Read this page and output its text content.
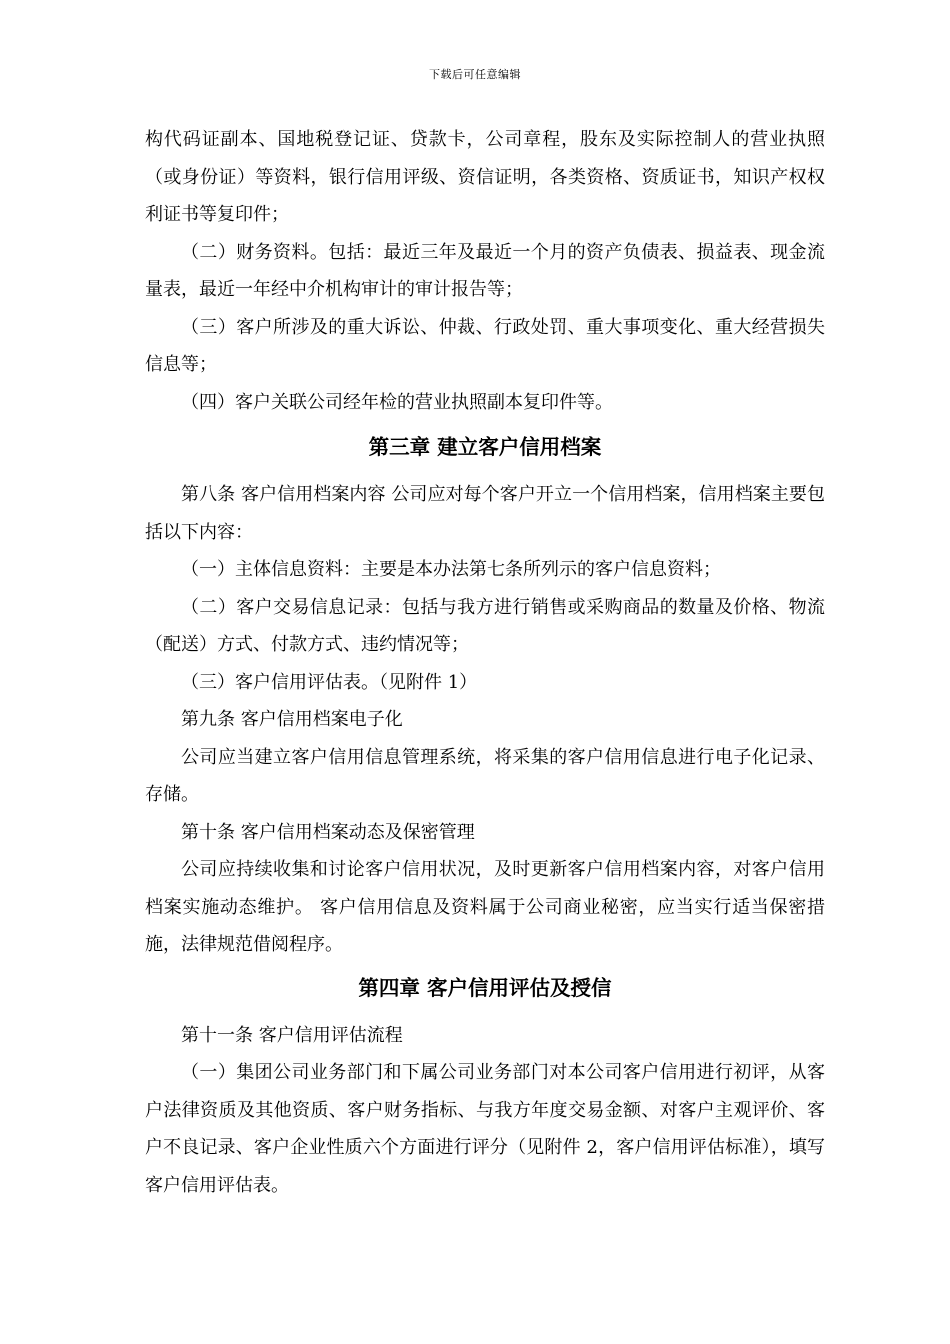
下载后可任意编辑

构代码证副本、国地税登记证、贷款卡，公司章程，股东及实际控制人的营业执照（或身份证）等资料，银行信用评级、资信证明，各类资格、资质证书，知识产权权利证书等复印件；

（二）财务资料。包括：最近三年及最近一个月的资产负债表、损益表、现金流量表，最近一年经中介机构审计的审计报告等；

（三）客户所涉及的重大诉讼、仲裁、行政处罚、重大事项变化、重大经营损失信息等；

（四）客户关联公司经年检的营业执照副本复印件等。

第三章 建立客户信用档案

第八条 客户信用档案内容 公司应对每个客户开立一个信用档案，信用档案主要包括以下内容：

（一）主体信息资料：主要是本办法第七条所列示的客户信息资料；

（二）客户交易信息记录：包括与我方进行销售或采购商品的数量及价格、物流（配送）方式、付款方式、违约情况等；

（三）客户信用评估表。（见附件 1）

第九条 客户信用档案电子化

公司应当建立客户信用信息管理系统，将采集的客户信用信息进行电子化记录、存储。

第十条 客户信用档案动态及保密管理

公司应持续收集和讨论客户信用状况，及时更新客户信用档案内容，对客户信用档案实施动态维护。 客户信用信息及资料属于公司商业秘密，应当实行适当保密措施，法律规范借阅程序。

第四章 客户信用评估及授信

第十一条 客户信用评估流程

（一）集团公司业务部门和下属公司业务部门对本公司客户信用进行初评，从客户法律资质及其他资质、客户财务指标、与我方年度交易金额、对客户主观评价、客户不良记录、客户企业性质六个方面进行评分（见附件 2，客户信用评估标准），填写客户信用评估表。
